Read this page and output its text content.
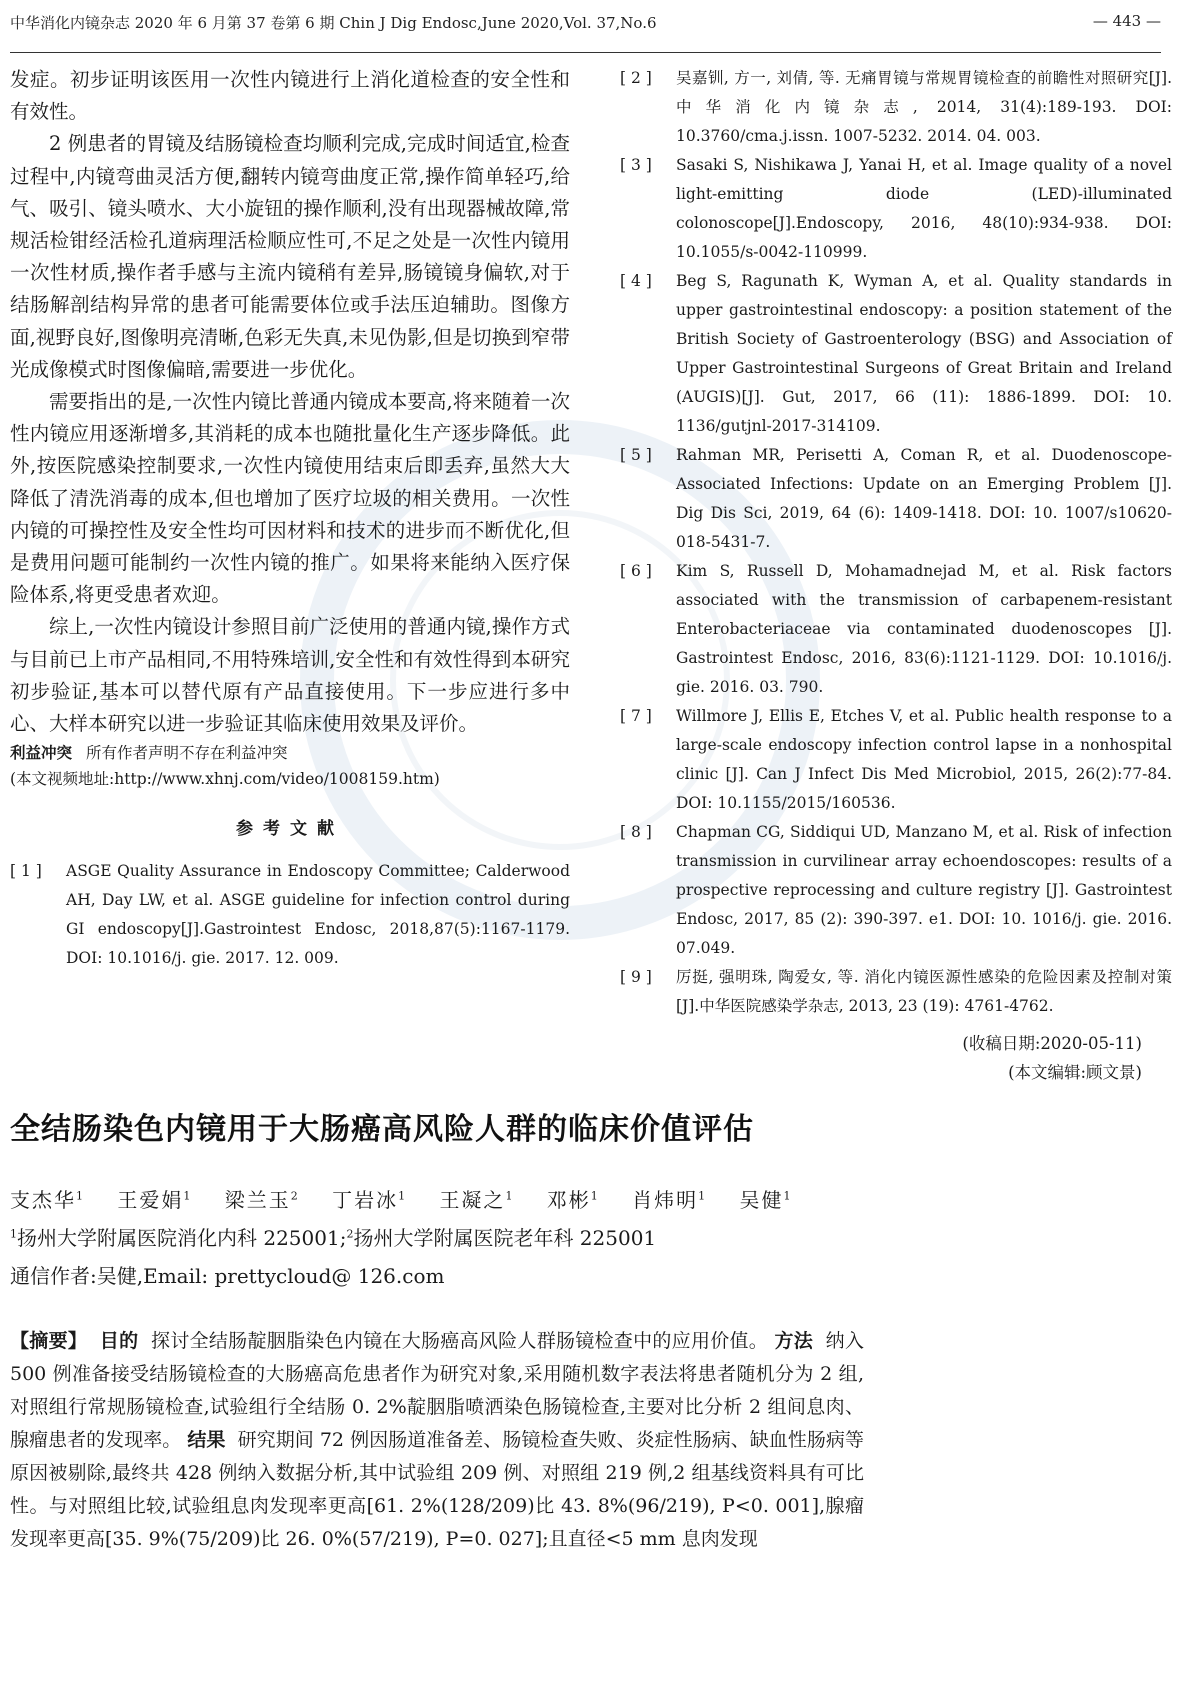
中华消化内镜杂志 2020 年 6 月第 37 卷第 6 期 Chin J Dig Endosc,June 2020,Vol. 37,No.6	— 443 —

发症。初步证明该医用一次性内镜进行上消化道检查的安全性和有效性。

2 例患者的胃镜及结肠镜检查均顺利完成,完成时间适宜,检查过程中,内镜弯曲灵活方便,翻转内镜弯曲度正常,操作简单轻巧,给气、吸引、镜头喷水、大小旋钮的操作顺利,没有出现器械故障,常规活检钳经活检孔道病理活检顺应性可,不足之处是一次性内镜用一次性材质,操作者手感与主流内镜稍有差异,肠镜镜身偏软,对于结肠解剖结构异常的患者可能需要体位或手法压迫辅助。图像方面,视野良好,图像明亮清晰,色彩无失真,未见伪影,但是切换到窄带光成像模式时图像偏暗,需要进一步优化。

需要指出的是,一次性内镜比普通内镜成本要高,将来随着一次性内镜应用逐渐增多,其消耗的成本也随批量化生产逐步降低。此外,按医院感染控制要求,一次性内镜使用结束后即丢弃,虽然大大降低了清洗消毒的成本,但也增加了医疗垃圾的相关费用。一次性内镜的可操控性及安全性均可因材料和技术的进步而不断优化,但是费用问题可能制约一次性内镜的推广。如果将来能纳入医疗保险体系,将更受患者欢迎。

综上,一次性内镜设计参照目前广泛使用的普通内镜,操作方式与目前已上市产品相同,不用特殊培训,安全性和有效性得到本研究初步验证,基本可以替代原有产品直接使用。下一步应进行多中心、大样本研究以进一步验证其临床使用效果及评价。

利益冲突 所有作者声明不存在利益冲突

(本文视频地址:http://www.xhnj.com/video/1008159.htm)

参考文献
[ 1 ] ASGE Quality Assurance in Endoscopy Committee; Calderwood AH, Day LW, et al. ASGE guideline for infection control during GI endoscopy[J].Gastrointest Endosc, 2018,87(5):1167-1179. DOI: 10.1016/j. gie. 2017. 12. 009.
[ 2 ] 吴嘉钏, 方一, 刘倩, 等. 无痛胃镜与常规胃镜检查的前瞻性对照研究[J].中华消化内镜杂志, 2014, 31(4):189-193. DOI: 10.3760/cma.j.issn. 1007-5232. 2014. 04. 003.
[ 3 ] Sasaki S, Nishikawa J, Yanai H, et al. Image quality of a novel light-emitting diode (LED)-illuminated colonoscope[J].Endoscopy, 2016, 48(10):934-938. DOI: 10.1055/s-0042-110999.
[ 4 ] Beg S, Ragunath K, Wyman A, et al. Quality standards in upper gastrointestinal endoscopy: a position statement of the British Society of Gastroenterology (BSG) and Association of Upper Gastrointestinal Surgeons of Great Britain and Ireland (AUGIS)[J]. Gut, 2017, 66 (11): 1886-1899. DOI: 10. 1136/gutjnl-2017-314109.
[ 5 ] Rahman MR, Perisetti A, Coman R, et al. Duodenoscope-Associated Infections: Update on an Emerging Problem [J]. Dig Dis Sci, 2019, 64 (6): 1409-1418. DOI: 10. 1007/s10620-018-5431-7.
[ 6 ] Kim S, Russell D, Mohamadnejad M, et al. Risk factors associated with the transmission of carbapenem-resistant Enterobacteriaceae via contaminated duodenoscopes [J]. Gastrointest Endosc, 2016, 83(6):1121-1129. DOI: 10.1016/j. gie. 2016. 03. 790.
[ 7 ] Willmore J, Ellis E, Etches V, et al. Public health response to a large-scale endoscopy infection control lapse in a nonhospital clinic [J]. Can J Infect Dis Med Microbiol, 2015, 26(2):77-84. DOI: 10.1155/2015/160536.
[ 8 ] Chapman CG, Siddiqui UD, Manzano M, et al. Risk of infection transmission in curvilinear array echoendoscopes: results of a prospective reprocessing and culture registry [J]. Gastrointest Endosc, 2017, 85 (2): 390-397. e1. DOI: 10. 1016/j. gie. 2016. 07.049.
[ 9 ] 厉挺, 强明珠, 陶爱女, 等. 消化内镜医源性感染的危险因素及控制对策[J].中华医院感染学杂志, 2013, 23 (19): 4761-4762.
(收稿日期:2020-05-11)
(本文编辑:顾文景)
全结肠染色内镜用于大肠癌高风险人群的临床价值评估
支杰华$^1$ 王爱娟$^1$ 梁兰玉$^2$ 丁岩冰$^1$ 王凝之$^1$ 邓彬$^1$ 肖炜明$^1$ 吴健$^1$
$^1$扬州大学附属医院消化内科 225001;$^2$扬州大学附属医院老年科 225001
通信作者:吴健,Email: prettycloud@ 126.com

【摘要】 目的 探讨全结肠靛胭脂染色内镜在大肠癌高风险人群肠镜检查中的应用价值。 方法 纳入 500 例准备接受结肠镜检查的大肠癌高危患者作为研究对象,采用随机数字表法将患者随机分为 2 组,对照组行常规肠镜检查,试验组行全结肠 0. 2%靛胭脂喷洒染色肠镜检查,主要对比分析 2 组间息肉、腺瘤患者的发现率。 结果 研究期间 72 例因肠道准备差、肠镜检查失败、炎症性肠病、缺血性肠病等原因被剔除,最终共 428 例纳入数据分析,其中试验组 209 例、对照组 219 例,2 组基线资料具有可比性。与对照组比较,试验组息肉发现率更高[61. 2%(128/209)比 43. 8%(96/219), P<0. 001],腺瘤发现率更高[35. 9%(75/209)比 26. 0%(57/219), P=0. 027];且直径<5 mm 息肉发现
